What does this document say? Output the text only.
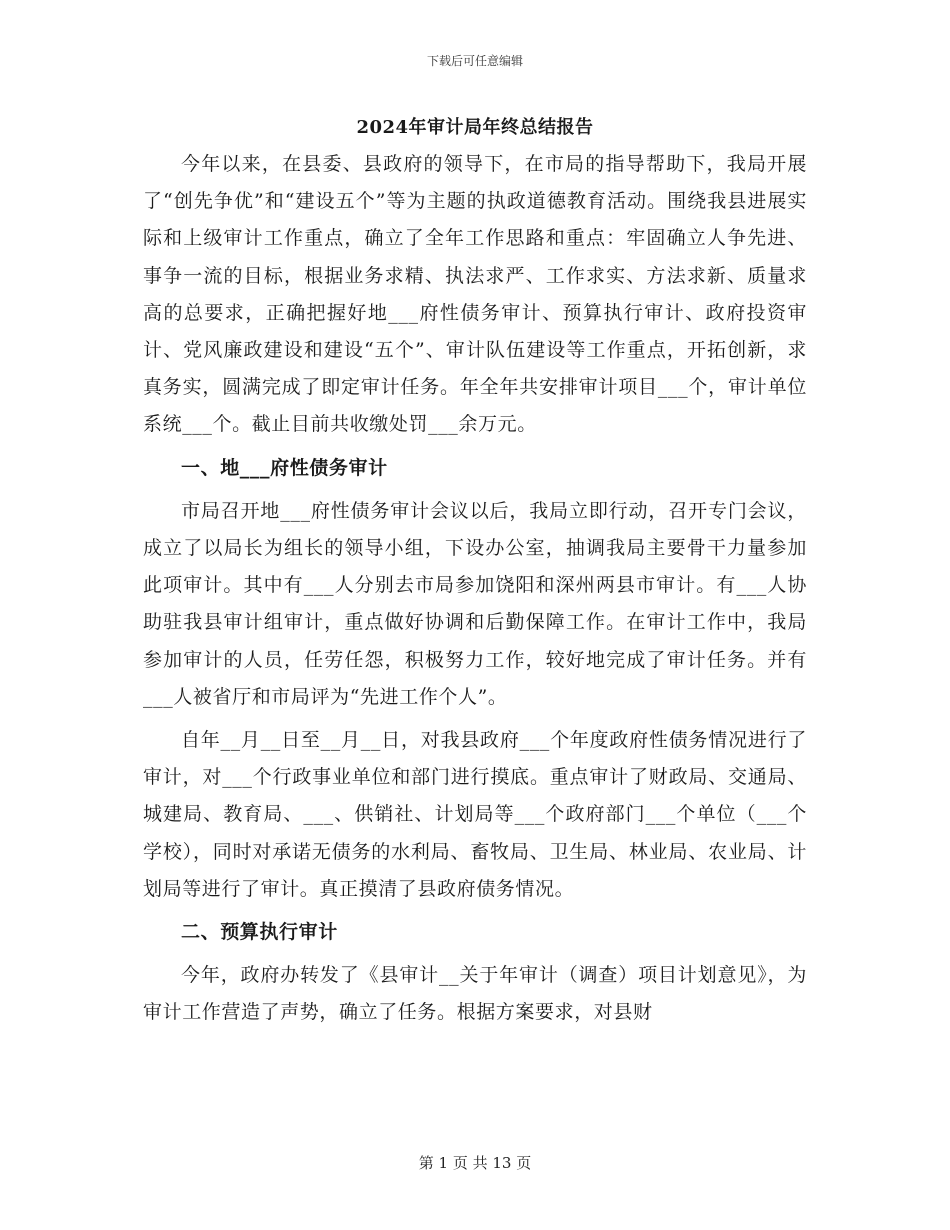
下载后可任意编辑
2024年审计局年终总结报告

今年以来，在县委、县政府的领导下，在市局的指导帮助下，我局开展了“创先争优”和“建设五个”等为主题的执政道德教育活动。围绕我县进展实际和上级审计工作重点，确立了全年工作思路和重点：牢固确立人争先进、事争一流的目标，根据业务求精、执法求严、工作求实、方法求新、质量求高的总要求，正确把握好地___府性债务审计、预算执行审计、政府投资审计、党风廉政建设和建设“五个”、审计队伍建设等工作重点，开拓创新，求真务实，圆满完成了即定审计任务。年全年共安排审计项目___个，审计单位系统___个。截止目前共收缴处罚___余万元。

一、地___府性债务审计

市局召开地___府性债务审计会议以后，我局立即行动，召开专门会议，成立了以局长为组长的领导小组，下设办公室，抽调我局主要骨干力量参加此项审计。其中有___人分别去市局参加饶阳和深州两县市审计。有___人协助驻我县审计组审计，重点做好协调和后勤保障工作。在审计工作中，我局参加审计的人员，任劳任怨，积极努力工作，较好地完成了审计任务。并有___人被省厅和市局评为“先进工作个人”。

自年__月__日至__月__日，对我县政府___个年度政府性债务情况进行了审计，对___个行政事业单位和部门进行摸底。重点审计了财政局、交通局、城建局、教育局、___、供销社、计划局等___个政府部门___个单位（___个学校），同时对承诺无债务的水利局、畜牧局、卫生局、林业局、农业局、计划局等进行了审计。真正摸清了县政府债务情况。

二、预算执行审计

今年，政府办转发了《县审计__关于年审计（调查）项目计划意见》，为审计工作营造了声势，确立了任务。根据方案要求，对县财

第 1 页 共 13 页
